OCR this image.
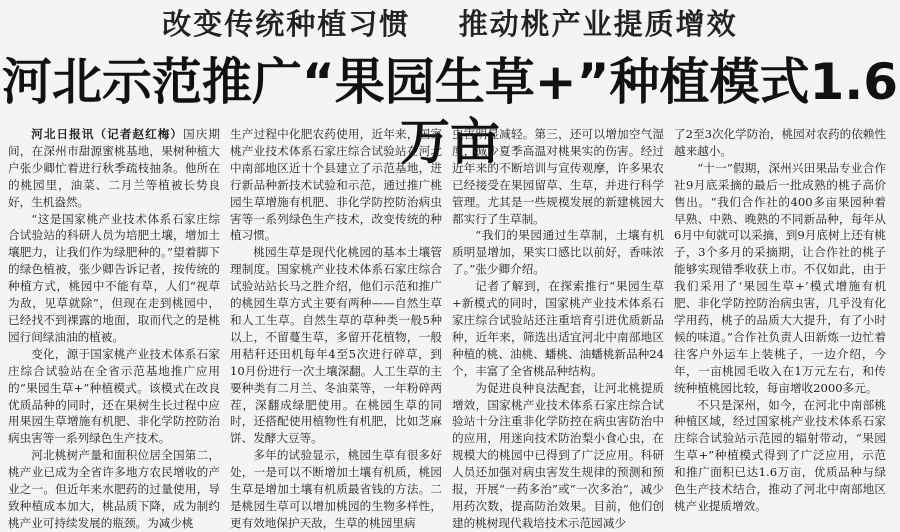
改变传统种植习惯    推动桃产业提质增效
河北示范推广“果园生草+”种植模式1.6万亩

河北日报讯（记者赵红梅）国庆期间，在深州市甜源蜜桃基地，果树种植大户张少卿忙着进行秋季疏枝抽条。他所在的桃园里，油菜、二月兰等植被长势良好，生机盎然。

“这是国家桃产业技术体系石家庄综合试验站的科研人员为培肥土壤，增加土壤肥力，让我们作为绿肥种的。”望着脚下的绿色植被，张少卿告诉记者，按传统的种植方式，桃园中不能有草，人们“视草为敌，见草就除”，但现在走到桃园中，已经找不到裸露的地面，取而代之的是桃园行间绿油油的植被。

变化，源于国家桃产业技术体系石家庄综合试验站在全省示范基地推广应用的“果园生草+”种植模式。该模式在改良优质品种的同时，还在果树生长过程中应用果园生草增施有机肥、非化学防控防治病虫害等一系列绿色生产技术。

河北桃树产量和面积位居全国第二，桃产业已成为全省许多地方农民增收的产业之一。但近年来水肥药的过量使用，导致种植成本加大，桃品质下降，成为制约桃产业可持续发展的瓶颈。为减少桃

生产过程中化肥农药使用，近年来，国家桃产业技术体系石家庄综合试验站在河北中南部地区近十个县建立了示范基地，进行新品种新技术试验和示范，通过推广桃园生草增施有机肥、非化学防控防治病虫害等一系列绿色生产技术，改变传统的种植习惯。

桃园生草是现代化桃园的基本土壤管理制度。国家桃产业技术体系石家庄综合试验站站长马之胜介绍，他们示范和推广的桃园生草方式主要有两种——自然生草和人工生草。自然生草的草种类一般5种以上，不留蔓生草，多留开花植物，一般用秸秆还田机每年4至5次进行碎草，到10月份进行一次土壤深翻。人工生草的主要种类有二月兰、冬油菜等，一年粉碎两茬，深翻成绿肥使用。在桃园生草的同时，还搭配使用植物性有机肥，比如芝麻饼、发酵大豆等。

多年的试验显示，桃园生草有很多好处，一是可以不断增加土壤有机质，桃园生草是增加土壤有机质最省钱的方法。二是桃园生草可以增加桃园的生物多样性，更有效地保护天敌，生草的桃园里病

虫害明显减轻。第三，还可以增加空气湿度，减少夏季高温对桃果实的伤害。经过近年来的不断培训与宣传观摩，许多果农已经接受在果园留草、生草，并进行科学管理。尤其是一些规模发展的新建桃园大都实行了生草制。

“我们的果园通过生草制，土壤有机质明显增加，果实口感比以前好，香味浓了。”张少卿介绍。

记者了解到，在探索推行“果园生草+新模式的同时，国家桃产业技术体系石家庄综合试验站还注重培育引进优质新品种，近年来，筛选出适宜河北中南部地区种植的桃、油桃、蟠桃、油蟠桃新品种24个，丰富了全省桃品种结构。

为促进良种良法配套，让河北桃提质增效，国家桃产业技术体系石家庄综合试验站十分注重非化学防控在病虫害防治中的应用，用迷向技术防治梨小食心虫，在规模大的桃园中已得到了广泛应用。科研人员还加强对病虫害发生规律的预测和预报，开展“一药多治”或“一次多治”，减少用药次数，提高防治效果。目前，他们创建的桃树现代栽培技术示范园减少

了2至3次化学防治，桃园对农药的依赖性越来越小。

“十一”假期，深州兴田果品专业合作社9月底采摘的最后一批成熟的桃子高价售出。“我们合作社的400多亩果园种着早熟、中熟、晚熟的不同新品种，每年从6月中旬就可以采摘，到9月底树上还有桃子，3个多月的采摘期，让合作社的桃子能够实现错季收获上市。不仅如此，由于我们采用了‘果园生草+’模式增施有机肥、非化学防控防治病虫害，几乎没有化学用药，桃子的品质大大提升，有了小时候的味道。”合作社负责人田新炼一边忙着往客户外运车上装桃子，一边介绍，今年，一亩桃园毛收入在1万元左右，和传统种植桃园比较，每亩增收2000多元。

不只是深州，如今，在河北中南部桃种植区域，经过国家桃产业技术体系石家庄综合试验站示范园的辐射带动，“果园生草+”种植模式得到了广泛应用，示范和推广面积已达1.6万亩，优质品种与绿色生产技术结合，推动了河北中南部地区桃产业提质增效。
